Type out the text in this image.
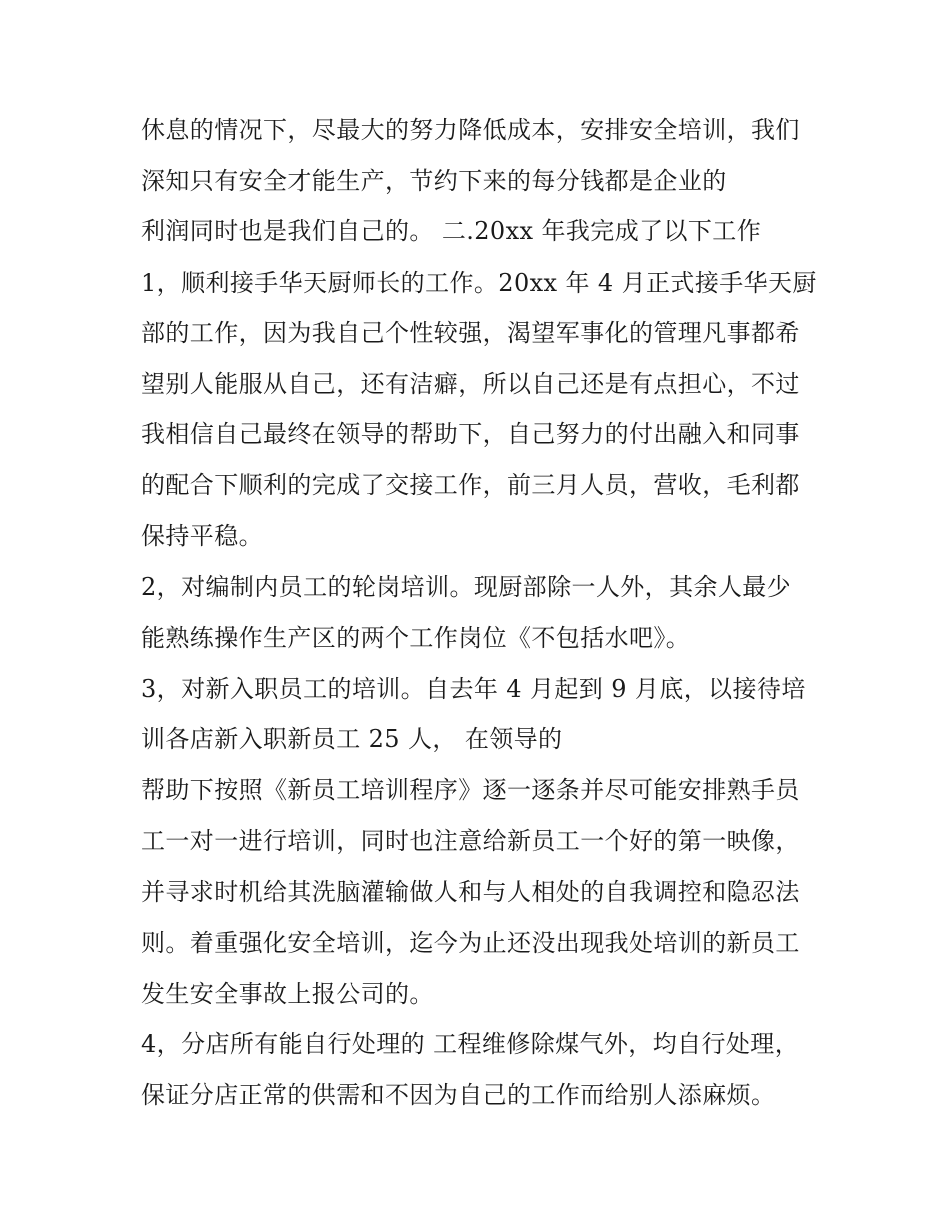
休息的情况下，尽最大的努力降低成本，安排安全培训，我们
深知只有安全才能生产，节约下来的每分钱都是企业的
利润同时也是我们自己的。 二.20xx 年我完成了以下工作
1，顺利接手华天厨师长的工作。20xx 年 4 月正式接手华天厨
部的工作，因为我自己个性较强，渴望军事化的管理凡事都希
望别人能服从自己，还有洁癖，所以自己还是有点担心，不过
我相信自己最终在领导的帮助下，自己努力的付出融入和同事
的配合下顺利的完成了交接工作，前三月人员，营收，毛利都
保持平稳。
2，对编制内员工的轮岗培训。现厨部除一人外，其余人最少
能熟练操作生产区的两个工作岗位《不包括水吧》。
3，对新入职员工的培训。自去年 4 月起到 9 月底，以接待培
训各店新入职新员工 25 人， 在领导的
帮助下按照《新员工培训程序》逐一逐条并尽可能安排熟手员
工一对一进行培训，同时也注意给新员工一个好的第一映像，
并寻求时机给其洗脑灌输做人和与人相处的自我调控和隐忍法
则。着重强化安全培训，迄今为止还没出现我处培训的新员工
发生安全事故上报公司的。
4，分店所有能自行处理的 工程维修除煤气外，均自行处理，
保证分店正常的供需和不因为自己的工作而给别人添麻烦。
